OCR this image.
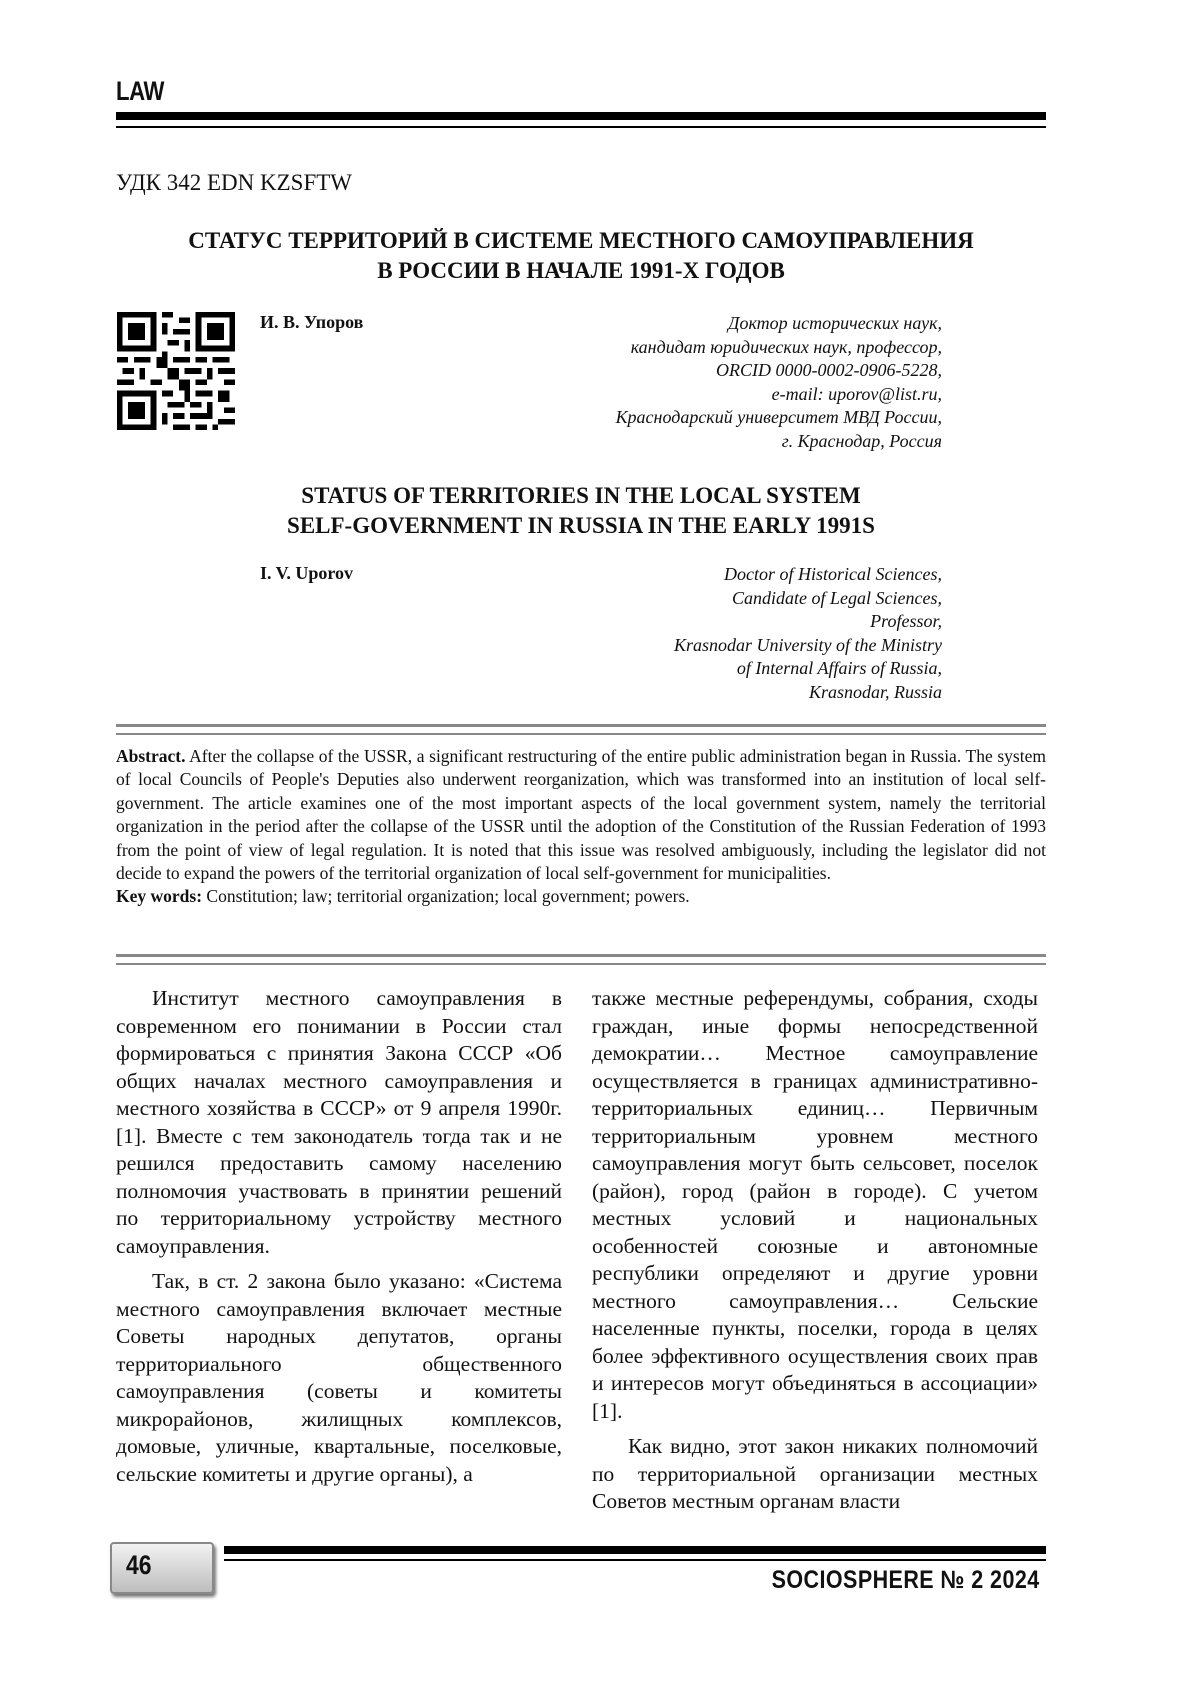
LAW
УДК 342 EDN KZSFTW
СТАТУС ТЕРРИТОРИЙ В СИСТЕМЕ МЕСТНОГО САМОУПРАВЛЕНИЯ
В РОССИИ В НАЧАЛЕ 1991-Х ГОДОВ
И. В. Упоров	Доктор исторических наук,
кандидат юридических наук, профессор,
ORCID 0000-0002-0906-5228,
e-mail: uporov@list.ru,
Краснодарский университет МВД России,
г. Краснодар, Россия
STATUS OF TERRITORIES IN THE LOCAL SYSTEM
SELF-GOVERNMENT IN RUSSIA IN THE EARLY 1991S
I. V. Uporov	Doctor of Historical Sciences,
Candidate of Legal Sciences,
Professor,
Krasnodar University of the Ministry
of Internal Affairs of Russia,
Krasnodar, Russia
Abstract. After the collapse of the USSR, a significant restructuring of the entire public administration began in Russia. The system of local Councils of People's Deputies also underwent reorganization, which was transformed into an institution of local self-government. The article examines one of the most important aspects of the local government system, namely the territorial organization in the period after the collapse of the USSR until the adoption of the Constitution of the Russian Federation of 1993 from the point of view of legal regulation. It is noted that this issue was resolved ambiguously, including the legislator did not decide to expand the powers of the territorial organization of local self-government for municipalities.
Key words: Constitution; law; territorial organization; local government; powers.

Институт местного самоуправления в современном его понимании в России стал формироваться с принятия Закона СССР «Об общих началах местного самоуправления и местного хозяйства в СССР» от 9 апреля 1990г. [1]. Вместе с тем законодатель тогда так и не решился предоставить самому населению полномочия участвовать в принятии решений по территориальному устройству местного самоуправления.

Так, в ст. 2 закона было указано: «Система местного самоуправления включает местные Советы народных депутатов, органы территориального общественного самоуправления (советы и комитеты микрорайонов, жилищных комплексов, домовые, уличные, квартальные, поселковые, сельские комитеты и другие органы), а

также местные референдумы, собрания, сходы граждан, иные формы непосредственной демократии… Местное самоуправление осуществляется в границах административно-территориальных единиц… Первичным территориальным уровнем местного самоуправления могут быть сельсовет, поселок (район), город (район в городе). С учетом местных условий и национальных особенностей союзные и автономные республики определяют и другие уровни местного самоуправления… Сельские населенные пункты, поселки, города в целях более эффективного осуществления своих прав и интересов могут объединяться в ассоциации» [1].

Как видно, этот закон никаких полномочий по территориальной организации местных Советов местным органам власти

46	SOCIOSPHERE № 2 2024
